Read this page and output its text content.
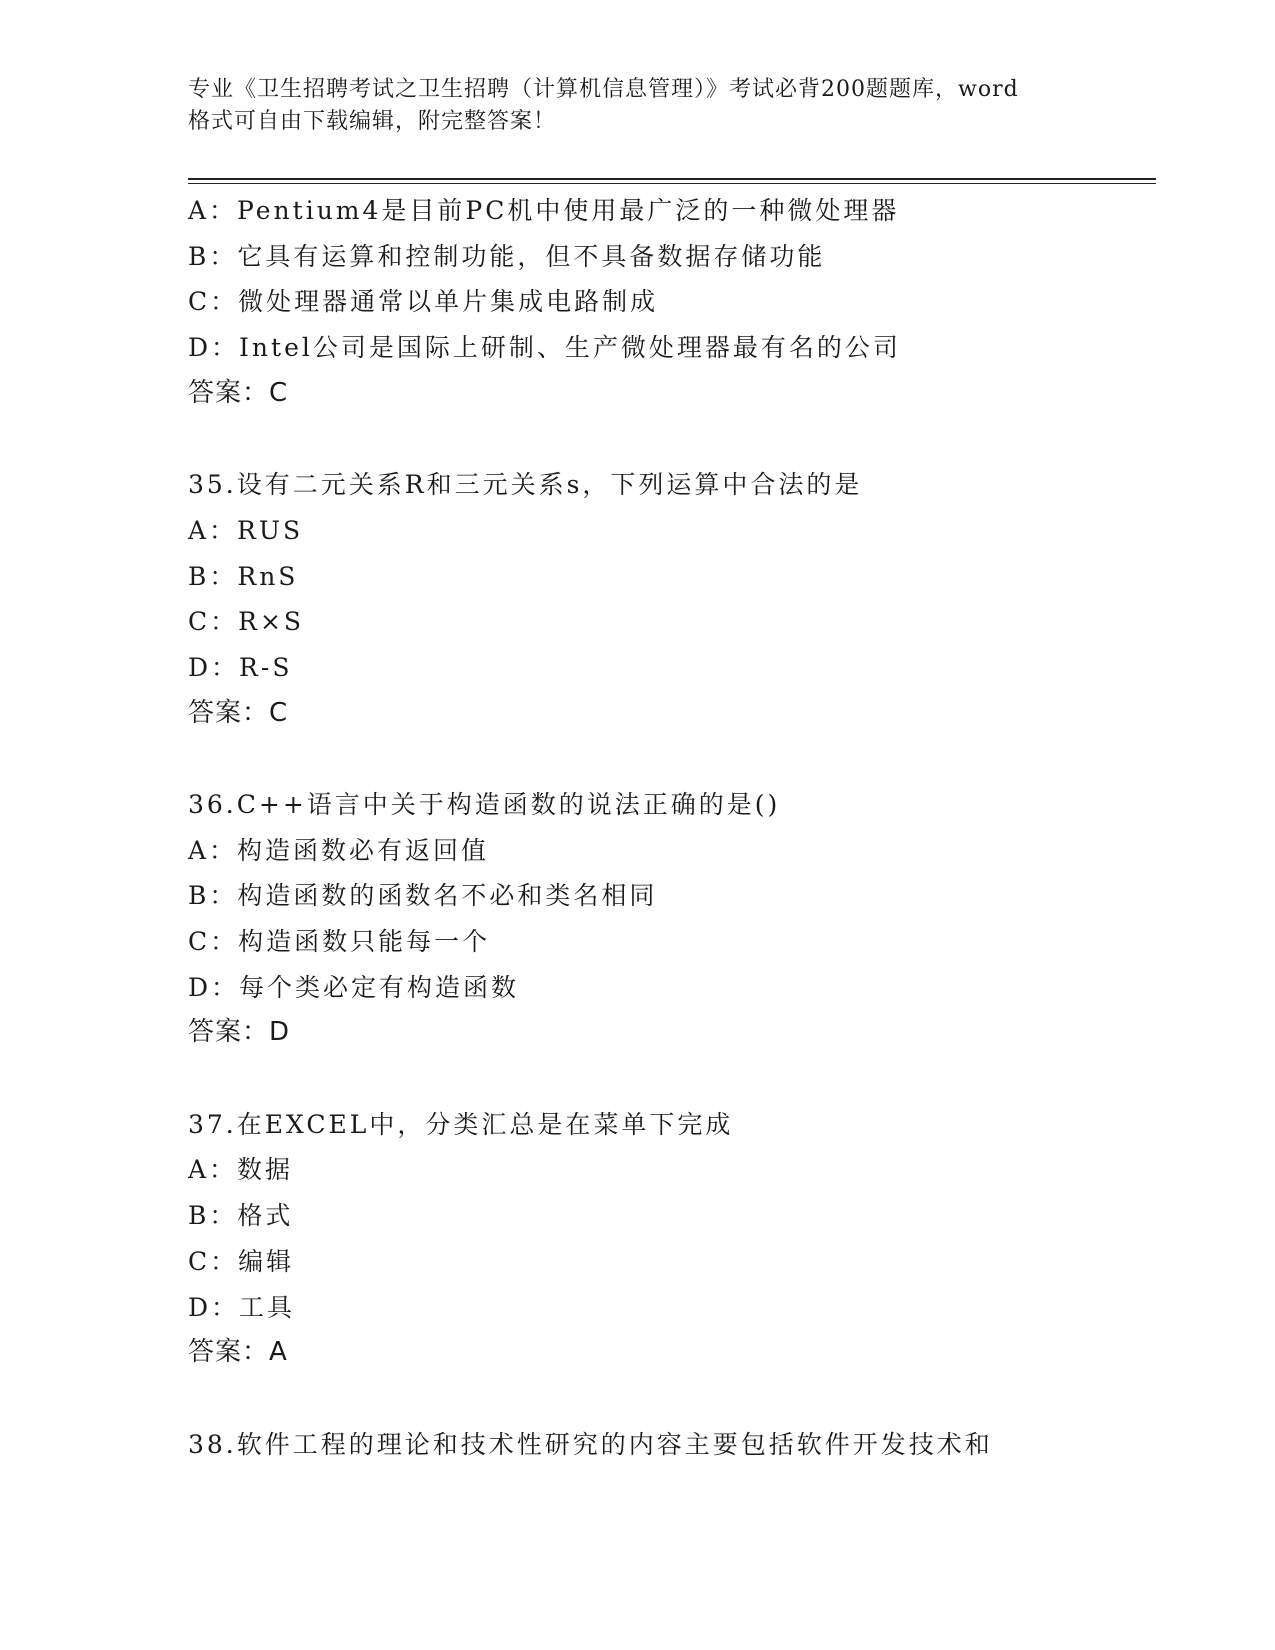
专业《卫生招聘考试之卫生招聘（计算机信息管理）》考试必背200题题库，word
格式可自由下载编辑，附完整答案！
A：Pentium4是目前PC机中使用最广泛的一种微处理器
B：它具有运算和控制功能，但不具备数据存储功能
C：微处理器通常以单片集成电路制成
D：Intel公司是国际上研制、生产微处理器最有名的公司
答案：C
35.设有二元关系R和三元关系s，下列运算中合法的是
A：RUS
B：RnS
C：R×S
D：R-S
答案：C
36.C++语言中关于构造函数的说法正确的是()
A：构造函数必有返回值
B：构造函数的函数名不必和类名相同
C：构造函数只能每一个
D：每个类必定有构造函数
答案：D
37.在EXCEL中，分类汇总是在菜单下完成
A：数据
B：格式
C：编辑
D：工具
答案：A
38.软件工程的理论和技术性研究的内容主要包括软件开发技术和
